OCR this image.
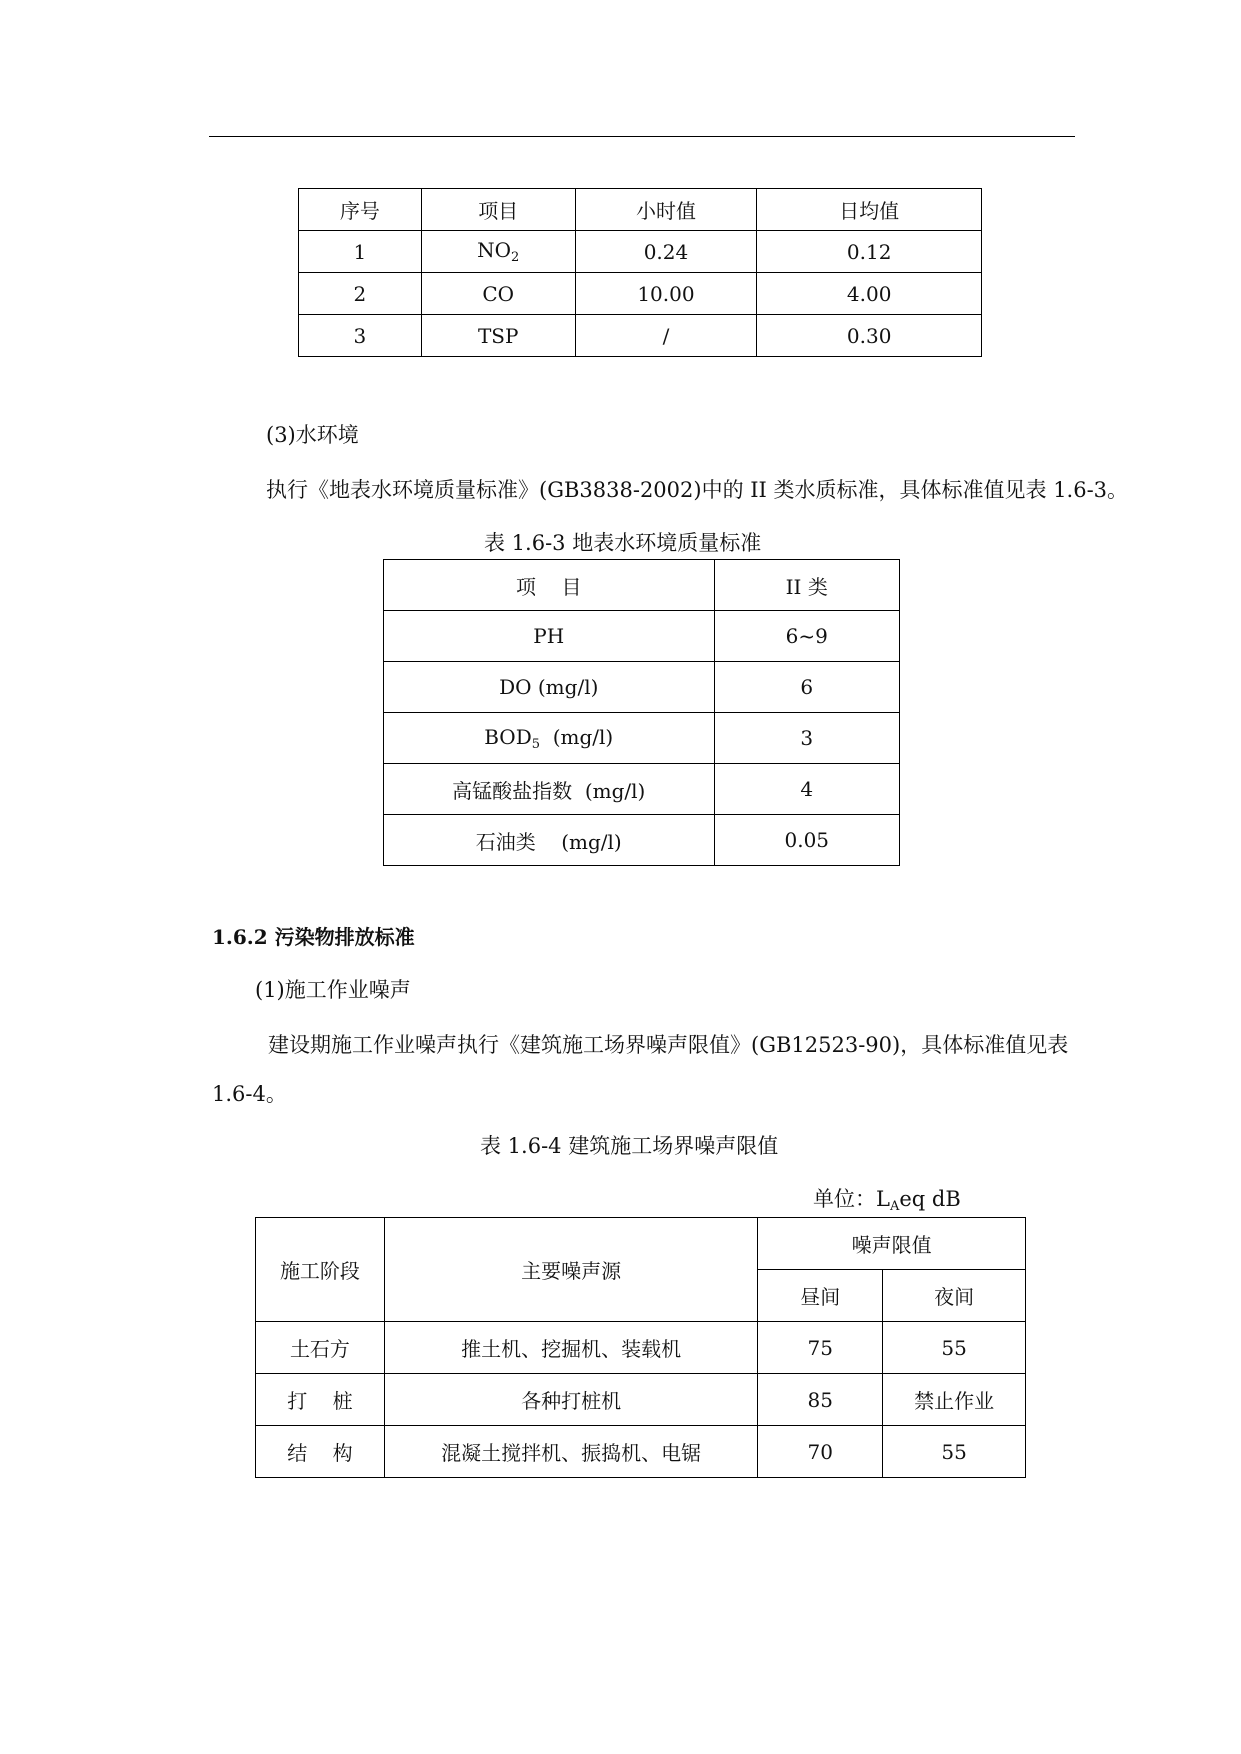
序号	项目	小时值	日均值
1	$NO_2$	0.24	0.12
2	CO	10.00	4.00
3	TSP	/	0.30
(3)水环境
执行《地表水环境质量标准》(GB3838-2002)中的 II 类水质标准，具体标准值见表 1.6-3。
表 1.6-3 地表水环境质量标准
项    目	II 类
PH	6~9
DO (mg/l)	6
$BOD_5$  (mg/l)	3
高锰酸盐指数  (mg/l)	4
石油类    (mg/l)	0.05
1.6.2 污染物排放标准
(1)施工作业噪声
建设期施工作业噪声执行《建筑施工场界噪声限值》(GB12523-90)，具体标准值见表
1.6-4。
表 1.6-4 建筑施工场界噪声限值
单位：$L_Aeq$ dB
施工阶段	主要噪声源	噪声限值	
		昼间	夜间
土石方	推土机、挖掘机、装载机	75	55
打    桩	各种打桩机	85	禁止作业
结    构	混凝土搅拌机、振捣机、电锯	70	55
